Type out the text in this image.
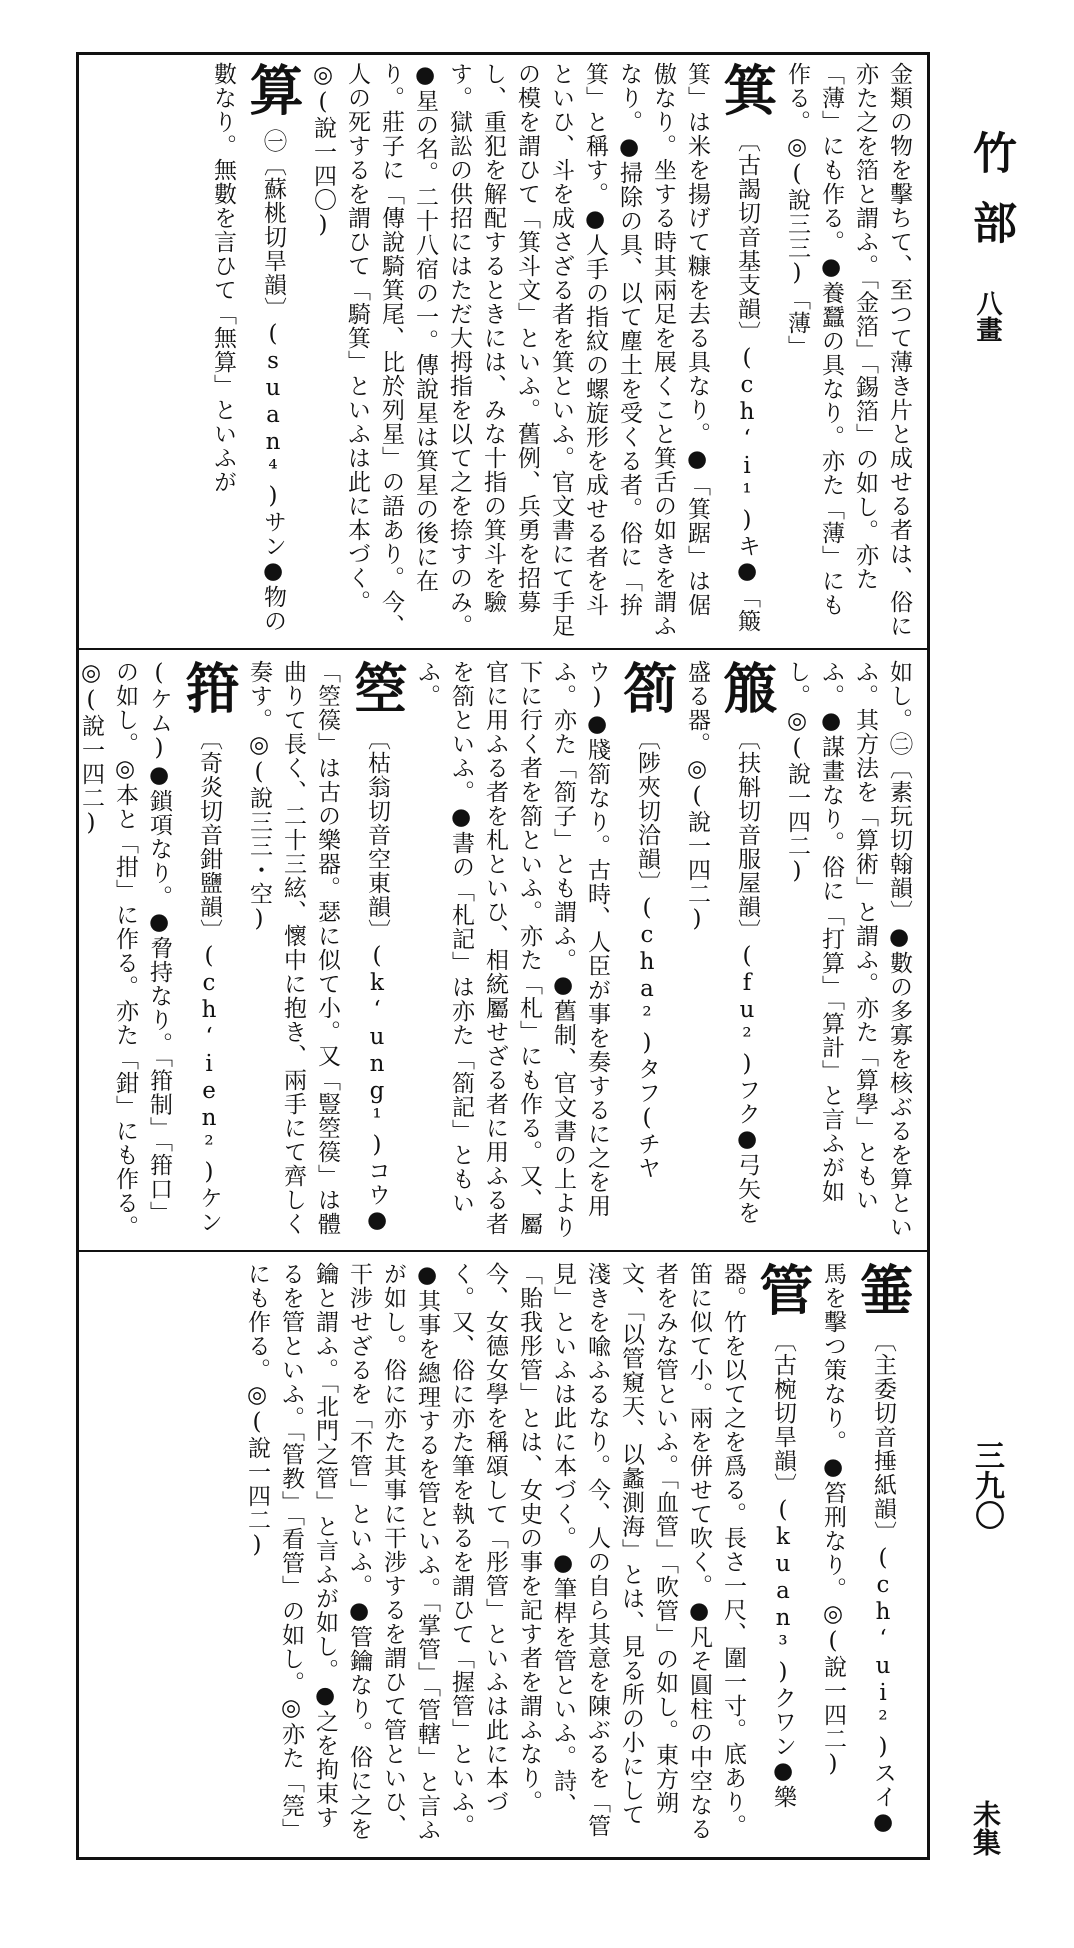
竹
部
八畫
三九〇
未集

金類の物を擊ちて、至つて薄き片と成せる者は、俗に亦た之を箔と謂ふ。「金箔」「錫箔」の如し。亦た「薄」にも作る。●養蠶の具なり。亦た「薄」にも作る。◎(說三三)「薄」

箕〔古謁切音基支韻〕(chʻi¹)キ●「簸箕」は米を揚げて糠を去る具なり。●「箕踞」は倨傲なり。坐する時其兩足を展くこと箕舌の如きを謂ふなり。●掃除の具、以て塵土を受くる者。俗に「拚箕」と稱す。●人手の指紋の螺旋形を成せる者を斗といひ、斗を成さざる者を箕といふ。官文書にて手足の模を謂ひて「箕斗文」といふ。舊例、兵勇を招募し、重犯を解配するときには、みな十指の箕斗を驗す。獄訟の供招にはただ大拇指を以て之を捺すのみ。●星の名。二十八宿の一。傳說星は箕星の後に在り。莊子に「傳說騎箕尾、比於列星」の語あり。今、人の死するを謂ひて「騎箕」といふは此に本づく。◎(說一四〇)
算㊀〔蘇桃切旱韻〕(suan⁴)サン●物の數なり。無數を言ひて「無算」といふが

如し。㊁〔素玩切翰韻〕●數の多寡を核ぶるを算といふ。其方法を「算術」と謂ふ。亦た「算學」ともいふ。●謀畫なり。俗に「打算」「算計」と言ふが如し。◎(說一四二)

箙〔扶斛切音服屋韻〕(fu²)フク●弓矢を盛る器。◎(說一四二)
箚〔陟夾切洽韻〕(cha²)タフ(チヤウ)●牋箚なり。古時、人臣が事を奏するに之を用ふ。亦た「箚子」とも謂ふ。●舊制、官文書の上より下に行く者を箚といふ。亦た「札」にも作る。又、屬官に用ふる者を札といひ、相統屬せざる者に用ふる者を箚といふ。●書の「札記」は亦た「箚記」ともいふ。
箜〔枯翁切音空東韻〕(kʻung¹)コウ●「箜篌」は古の樂器。瑟に似て小。又「豎箜篌」は體曲りて長く、二十三絃、懷中に抱き、兩手にて齊しく奏す。◎(說三三・空)
箝〔奇炎切音鉗鹽韻〕(chʻien²)ケン(ケム)●鎖項なり。●脅持なり。「箝制」「箝口」の如し。◎本と「拑」に作る。亦た「鉗」にも作る。◎(說一四二)
箠〔主委切音捶紙韻〕(chʻui²)スイ●馬を擊つ策なり。●笞刑なり。◎(說一四二)
管〔古椀切旱韻〕(kuan³)クワン●樂器。竹を以て之を爲る。長さ一尺、圍一寸。底あり。笛に似て小。兩を併せて吹く。●凡そ圓柱の中空なる者をみな管といふ。「血管」「吹管」の如し。東方朔文、「以管窺天、以蠡測海」とは、見る所の小にして淺きを喩ふるなり。今、人の自ら其意を陳ぶるを「管見」といふは此に本づく。●筆桿を管といふ。詩、「貽我彤管」とは、女史の事を記す者を謂ふなり。今、女德女學を稱頌して「彤管」といふは此に本づく。又、俗に亦た筆を執るを謂ひて「握管」といふ。●其事を總理するを管といふ。「掌管」「管轄」と言ふが如し。俗に亦た其事に干涉するを謂ひて管といひ、干涉せざるを「不管」といふ。●管鑰なり。俗に之を鑰と謂ふ。「北門之管」と言ふが如し。●之を拘束するを管といふ。「管教」「看管」の如し。◎亦た「筦」にも作る。◎(說一四二)
